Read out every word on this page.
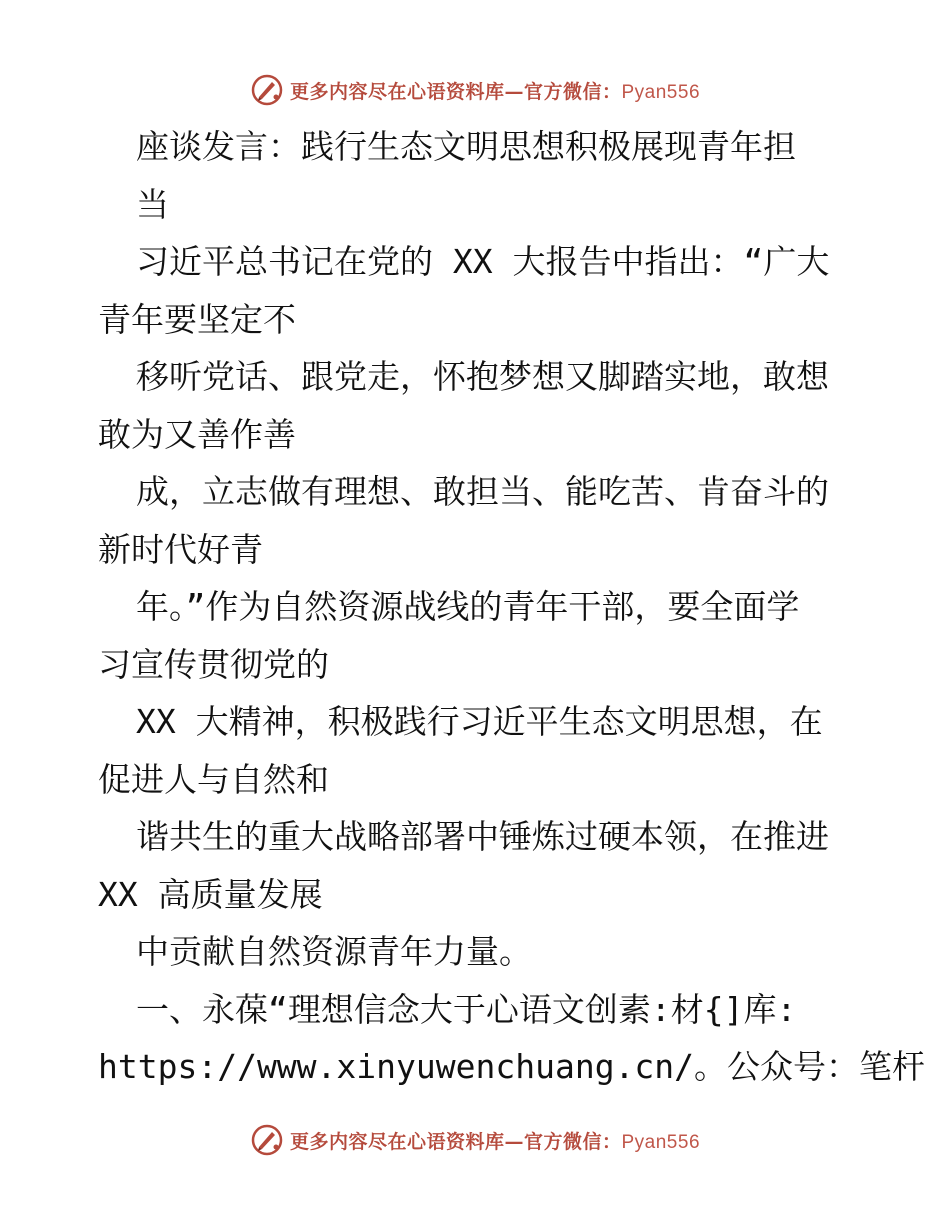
更多内容尽在心语资料库—官方微信：Pyan556
座谈发言：践行生态文明思想积极展现青年担
当
习近平总书记在党的 XX 大报告中指出：“广大
青年要坚定不
移听党话、跟党走，怀抱梦想又脚踏实地，敢想
敢为又善作善
成，立志做有理想、敢担当、能吃苦、肯奋斗的
新时代好青
年。”作为自然资源战线的青年干部，要全面学
习宣传贯彻党的
XX 大精神，积极践行习近平生态文明思想，在
促进人与自然和
谐共生的重大战略部署中锤炼过硬本领，在推进
XX 高质量发展
中贡献自然资源青年力量。
一、永葆“理想信念大于心语文创素:材{]库:
https://www.xinyuwenchuang.cn/。公众号：笔杆
更多内容尽在心语资料库—官方微信：Pyan556
